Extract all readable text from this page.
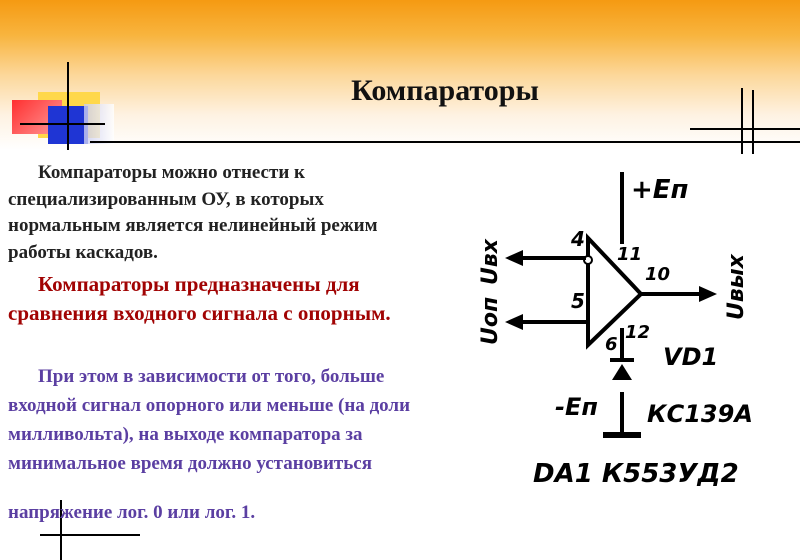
Компараторы
Компараторы можно отнести к специализированным ОУ, в которых нормальным является нелинейный режим работы каскадов.
Компараторы предназначены для сравнения входного сигнала с опорным.
При этом в зависимости от того, больше входной сигнал опорного или меньше (на доли милливольта), на выходе компаратора за минимальное время должно установиться
напряжение лог. 0 или лог. 1.
+Eп
Uвх
Uоп
Uвых
4
5
11
10
6
12
-Eп
VD1
КС139А
DA1 К553УД2
